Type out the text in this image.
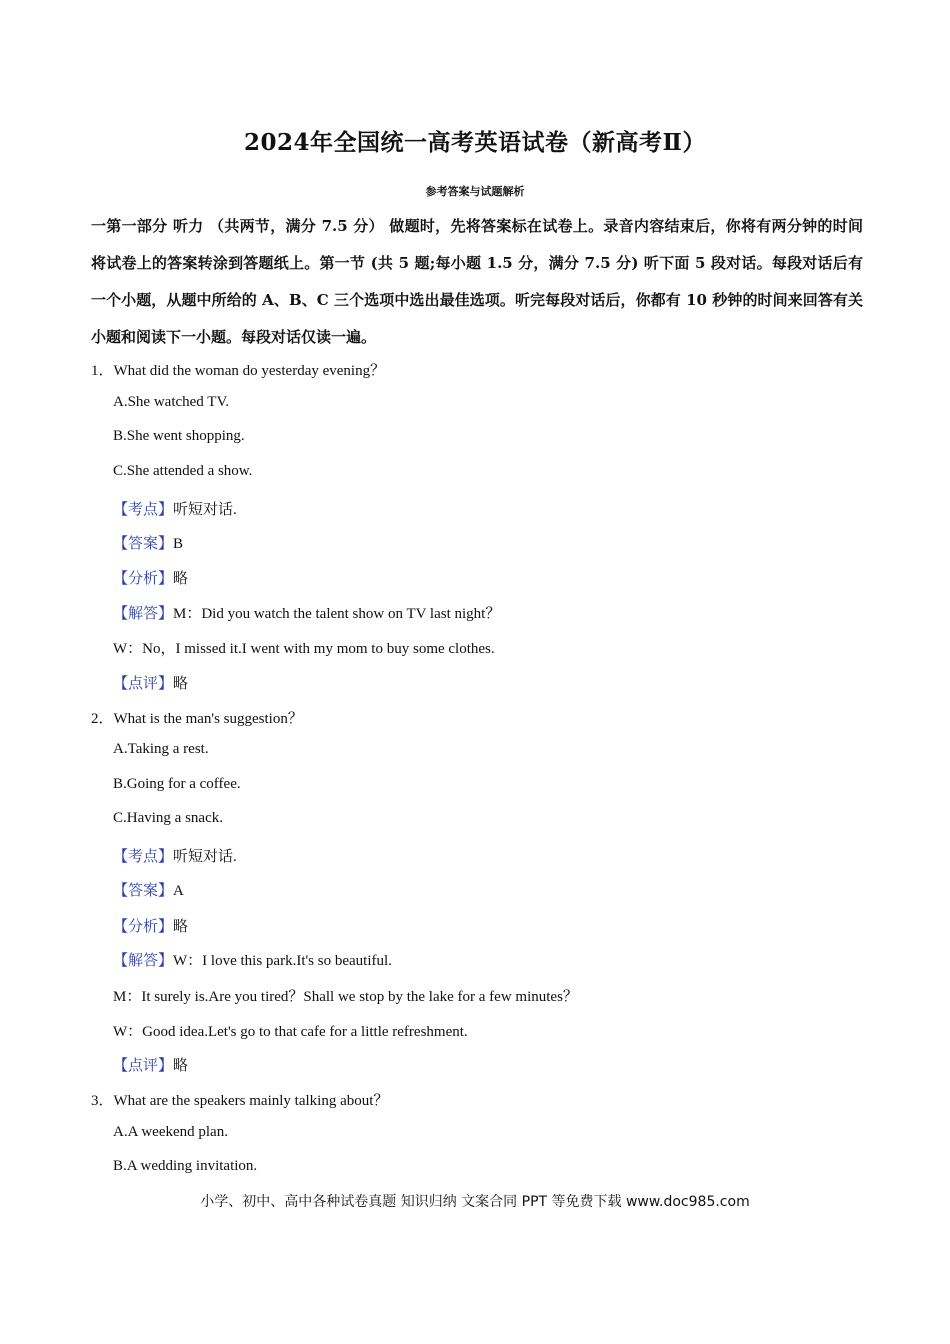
2024年全国统一高考英语试卷（新高考Ⅱ）
参考答案与试题解析
一第一部分 听力 （共两节，满分 7.5 分） 做题时，先将答案标在试卷上。录音内容结束后，你将有两分钟的时间将试卷上的答案转涂到答题纸上。第一节 (共 5 题;每小题 1.5 分，满分 7.5 分) 听下面 5 段对话。每段对话后有一个小题，从题中所给的 A、B、C 三个选项中选出最佳选项。听完每段对话后，你都有 10 秒钟的时间来回答有关小题和阅读下一小题。每段对话仅读一遍。
1．What did the woman do yesterday evening？
A.She watched TV.
B.She went shopping.
C.She attended a show.
【考点】听短对话.
【答案】B
【分析】略
【解答】M：Did you watch the talent show on TV last night？
W：No，I missed it.I went with my mom to buy some clothes.
【点评】略
2．What is the man's suggestion？
A.Taking a rest.
B.Going for a coffee.
C.Having a snack.
【考点】听短对话.
【答案】A
【分析】略
【解答】W：I love this park.It's so beautiful.
M：It surely is.Are you tired？Shall we stop by the lake for a few minutes？
W：Good idea.Let's go to that cafe for a little refreshment.
【点评】略
3．What are the speakers mainly talking about？
A.A weekend plan.
B.A wedding invitation.
小学、初中、高中各种试卷真题 知识归纳 文案合同 PPT 等免费下载 www.doc985.com
